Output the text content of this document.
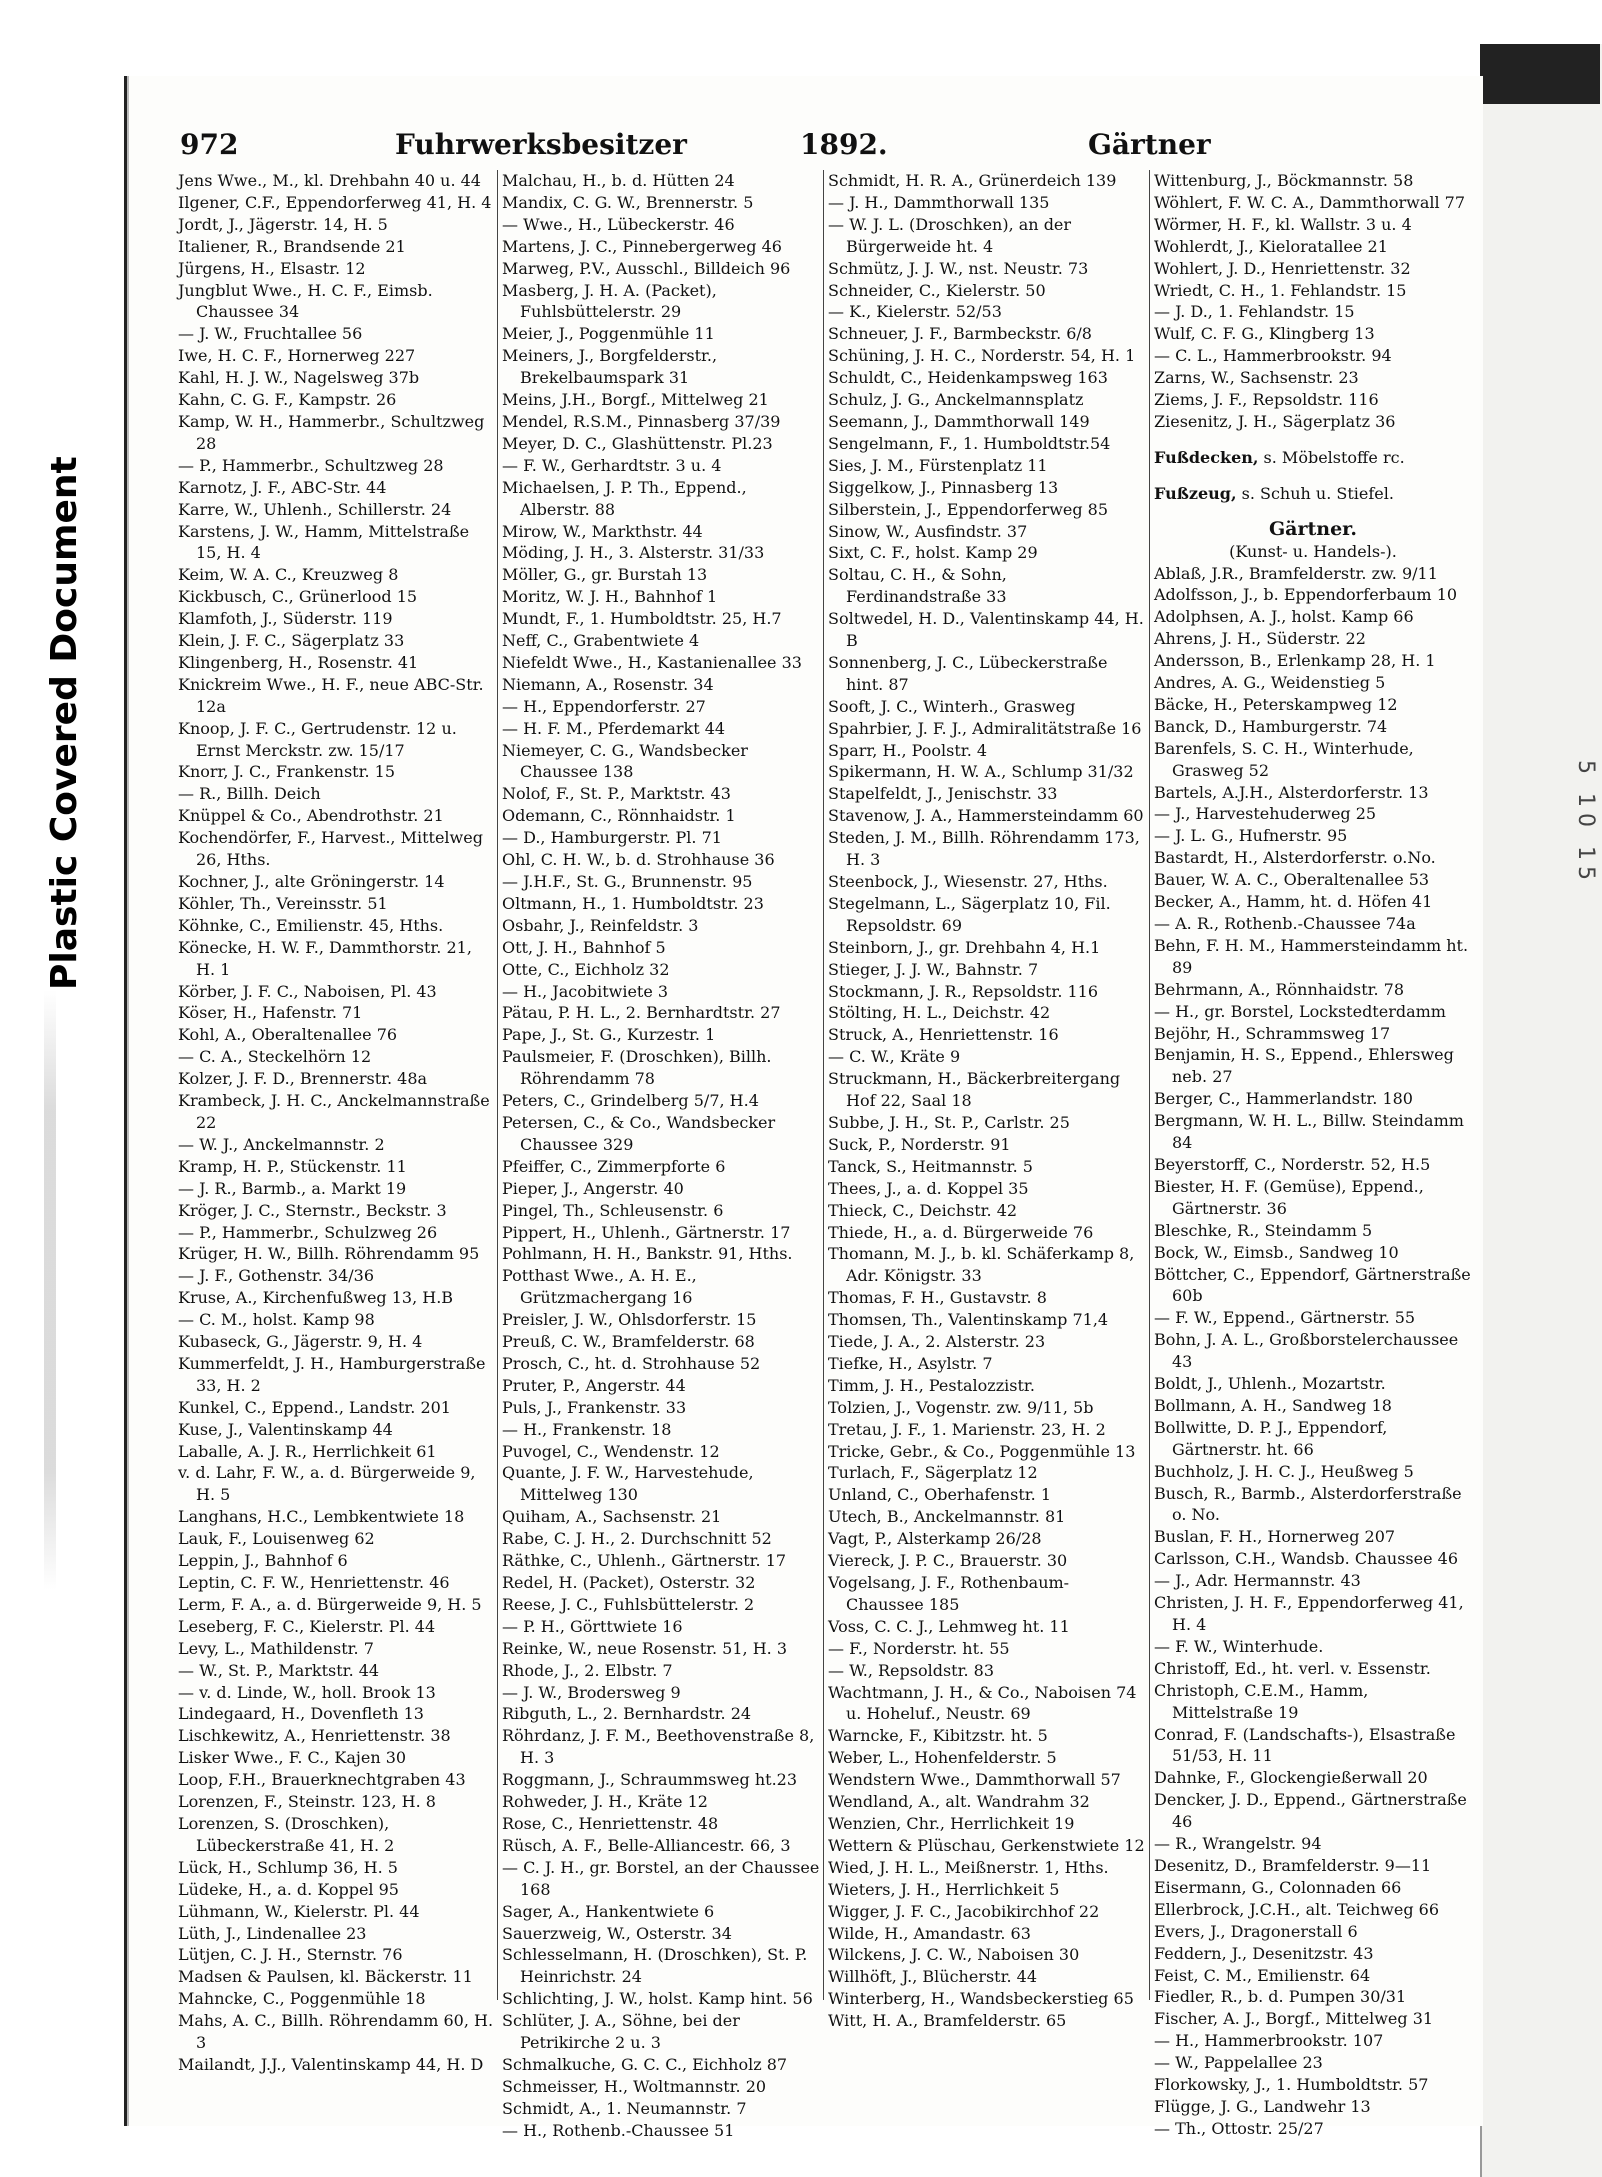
Plastic Covered Document	5 10 15
972	Fuhrwerksbesitzer	1892.	Gärtner
Jens Wwe., M., kl. Drehbahn 40 u. 44
Ilgener, C.F., Eppendorferweg 41, H. 4
Jordt, J., Jägerstr. 14, H. 5
Italiener, R., Brandsende 21
Jürgens, H., Elsastr. 12
Jungblut Wwe., H. C. F., Eimsb. Chaussee 34
— J. W., Fruchtallee 56
Iwe, H. C. F., Hornerweg 227
Kahl, H. J. W., Nagelsweg 37b
Kahn, C. G. F., Kampstr. 26
Kamp, W. H., Hammerbr., Schultzweg 28
— P., Hammerbr., Schultzweg 28
Karnotz, J. F., ABC-Str. 44
Karre, W., Uhlenh., Schillerstr. 24
Karstens, J. W., Hamm, Mittelstraße 15, H. 4
Keim, W. A. C., Kreuzweg 8
Kickbusch, C., Grünerlood 15
Klamfoth, J., Süderstr. 119
Klein, J. F. C., Sägerplatz 33
Klingenberg, H., Rosenstr. 41
Knickreim Wwe., H. F., neue ABC-Str. 12a
Knoop, J. F. C., Gertrudenstr. 12 u. Ernst Merckstr. zw. 15/17
Knorr, J. C., Frankenstr. 15
— R., Billh. Deich
Knüppel & Co., Abendrothstr. 21
Kochendörfer, F., Harvest., Mittelweg 26, Hths.
Kochner, J., alte Gröningerstr. 14
Köhler, Th., Vereinsstr. 51
Köhnke, C., Emilienstr. 45, Hths.
Könecke, H. W. F., Dammthorstr. 21, H. 1
Körber, J. F. C., Naboisen, Pl. 43
Köser, H., Hafenstr. 71
Kohl, A., Oberaltenallee 76
— C. A., Steckelhörn 12
Kolzer, J. F. D., Brennerstr. 48a
Krambeck, J. H. C., Anckelmannstraße 22
— W. J., Anckelmannstr. 2
Kramp, H. P., Stückenstr. 11
— J. R., Barmb., a. Markt 19
Kröger, J. C., Sternstr., Beckstr. 3
— P., Hammerbr., Schulzweg 26
Krüger, H. W., Billh. Röhrendamm 95
— J. F., Gothenstr. 34/36
Kruse, A., Kirchenfußweg 13, H.B
— C. M., holst. Kamp 98
Kubaseck, G., Jägerstr. 9, H. 4
Kummerfeldt, J. H., Hamburgerstraße 33, H. 2
Kunkel, C., Eppend., Landstr. 201
Kuse, J., Valentinskamp 44
Laballe, A. J. R., Herrlichkeit 61
v. d. Lahr, F. W., a. d. Bürgerweide 9, H. 5
Langhans, H.C., Lembkentwiete 18
Lauk, F., Louisenweg 62
Leppin, J., Bahnhof 6
Leptin, C. F. W., Henriettenstr. 46
Lerm, F. A., a. d. Bürgerweide 9, H. 5
Leseberg, F. C., Kielerstr. Pl. 44
Levy, L., Mathildenstr. 7
— W., St. P., Marktstr. 44
— v. d. Linde, W., holl. Brook 13
Lindegaard, H., Dovenfleth 13
Lischkewitz, A., Henriettenstr. 38
Lisker Wwe., F. C., Kajen 30
Loop, F.H., Brauerknechtgraben 43
Lorenzen, F., Steinstr. 123, H. 8
Lorenzen, S. (Droschken), Lübeckerstraße 41, H. 2
Lück, H., Schlump 36, H. 5
Lüdeke, H., a. d. Koppel 95
Lühmann, W., Kielerstr. Pl. 44
Lüth, J., Lindenallee 23
Lütjen, C. J. H., Sternstr. 76
Madsen & Paulsen, kl. Bäckerstr. 11
Mahncke, C., Poggenmühle 18
Mahs, A. C., Billh. Röhrendamm 60, H. 3
Mailandt, J.J., Valentinskamp 44, H. D
Malchau, H., b. d. Hütten 24
Mandix, C. G. W., Brennerstr. 5
— Wwe., H., Lübeckerstr. 46
Martens, J. C., Pinnebergerweg 46
Marweg, P.V., Ausschl., Billdeich 96
Masberg, J. H. A. (Packet), Fuhlsbüttelerstr. 29
Meier, J., Poggenmühle 11
Meiners, J., Borgfelderstr., Brekelbaumspark 31
Meins, J.H., Borgf., Mittelweg 21
Mendel, R.S.M., Pinnasberg 37/39
Meyer, D. C., Glashüttenstr. Pl.23
— F. W., Gerhardtstr. 3 u. 4
Michaelsen, J. P. Th., Eppend., Alberstr. 88
Mirow, W., Markthstr. 44
Möding, J. H., 3. Alsterstr. 31/33
Möller, G., gr. Burstah 13
Moritz, W. J. H., Bahnhof 1
Mundt, F., 1. Humboldtstr. 25, H.7
Neff, C., Grabentwiete 4
Niefeldt Wwe., H., Kastanienallee 33
Niemann, A., Rosenstr. 34
— H., Eppendorferstr. 27
— H. F. M., Pferdemarkt 44
Niemeyer, C. G., Wandsbecker Chaussee 138
Nolof, F., St. P., Marktstr. 43
Odemann, C., Rönnhaidstr. 1
— D., Hamburgerstr. Pl. 71
Ohl, C. H. W., b. d. Strohhause 36
— J.H.F., St. G., Brunnenstr. 95
Oltmann, H., 1. Humboldtstr. 23
Osbahr, J., Reinfeldstr. 3
Ott, J. H., Bahnhof 5
Otte, C., Eichholz 32
— H., Jacobitwiete 3
Pätau, P. H. L., 2. Bernhardtstr. 27
Pape, J., St. G., Kurzestr. 1
Paulsmeier, F. (Droschken), Billh. Röhrendamm 78
Peters, C., Grindelberg 5/7, H.4
Petersen, C., & Co., Wandsbecker Chaussee 329
Pfeiffer, C., Zimmerpforte 6
Pieper, J., Angerstr. 40
Pingel, Th., Schleusenstr. 6
Pippert, H., Uhlenh., Gärtnerstr. 17
Pohlmann, H. H., Bankstr. 91, Hths.
Potthast Wwe., A. H. E., Grützmachergang 16
Preisler, J. W., Ohlsdorferstr. 15
Preuß, C. W., Bramfelderstr. 68
Prosch, C., ht. d. Strohhause 52
Pruter, P., Angerstr. 44
Puls, J., Frankenstr. 33
— H., Frankenstr. 18
Puvogel, C., Wendenstr. 12
Quante, J. F. W., Harvestehude, Mittelweg 130
Quiham, A., Sachsenstr. 21
Rabe, C. J. H., 2. Durchschnitt 52
Räthke, C., Uhlenh., Gärtnerstr. 17
Redel, H. (Packet), Osterstr. 32
Reese, J. C., Fuhlsbüttelerstr. 2
— P. H., Görttwiete 16
Reinke, W., neue Rosenstr. 51, H. 3
Rhode, J., 2. Elbstr. 7
— J. W., Brodersweg 9
Ribguth, L., 2. Bernhardstr. 24
Röhrdanz, J. F. M., Beethovenstraße 8, H. 3
Roggmann, J., Schraummsweg ht.23
Rohweder, J. H., Kräte 12
Rose, C., Henriettenstr. 48
Rüsch, A. F., Belle-Alliancestr. 66, 3
— C. J. H., gr. Borstel, an der Chaussee 168
Sager, A., Hankentwiete 6
Sauerzweig, W., Osterstr. 34
Schlesselmann, H. (Droschken), St. P. Heinrichstr. 24
Schlichting, J. W., holst. Kamp hint. 56
Schlüter, J. A., Söhne, bei der Petrikirche 2 u. 3
Schmalkuche, G. C. C., Eichholz 87
Schmeisser, H., Woltmannstr. 20
Schmidt, A., 1. Neumannstr. 7
— H., Rothenb.-Chaussee 51
Schmidt, H. R. A., Grünerdeich 139
— J. H., Dammthorwall 135
— W. J. L. (Droschken), an der Bürgerweide ht. 4
Schmütz, J. J. W., nst. Neustr. 73
Schneider, C., Kielerstr. 50
— K., Kielerstr. 52/53
Schneuer, J. F., Barmbeckstr. 6/8
Schüning, J. H. C., Norderstr. 54, H. 1
Schuldt, C., Heidenkampsweg 163
Schulz, J. G., Anckelmannsplatz
Seemann, J., Dammthorwall 149
Sengelmann, F., 1. Humboldtstr.54
Sies, J. M., Fürstenplatz 11
Siggelkow, J., Pinnasberg 13
Silberstein, J., Eppendorferweg 85
Sinow, W., Ausfindstr. 37
Sixt, C. F., holst. Kamp 29
Soltau, C. H., & Sohn, Ferdinandstraße 33
Soltwedel, H. D., Valentinskamp 44, H. B
Sonnenberg, J. C., Lübeckerstraße hint. 87
Sooft, J. C., Winterh., Grasweg
Spahrbier, J. F. J., Admiralitätstraße 16
Sparr, H., Poolstr. 4
Spikermann, H. W. A., Schlump 31/32
Stapelfeldt, J., Jenischstr. 33
Stavenow, J. A., Hammersteindamm 60
Steden, J. M., Billh. Röhrendamm 173, H. 3
Steenbock, J., Wiesenstr. 27, Hths.
Stegelmann, L., Sägerplatz 10, Fil. Repsoldstr. 69
Steinborn, J., gr. Drehbahn 4, H.1
Stieger, J. J. W., Bahnstr. 7
Stockmann, J. R., Repsoldstr. 116
Stölting, H. L., Deichstr. 42
Struck, A., Henriettenstr. 16
— C. W., Kräte 9
Struckmann, H., Bäckerbreitergang Hof 22, Saal 18
Subbe, J. H., St. P., Carlstr. 25
Suck, P., Norderstr. 91
Tanck, S., Heitmannstr. 5
Thees, J., a. d. Koppel 35
Thieck, C., Deichstr. 42
Thiede, H., a. d. Bürgerweide 76
Thomann, M. J., b. kl. Schäferkamp 8, Adr. Königstr. 33
Thomas, F. H., Gustavstr. 8
Thomsen, Th., Valentinskamp 71,4
Tiede, J. A., 2. Alsterstr. 23
Tiefke, H., Asylstr. 7
Timm, J. H., Pestalozzistr.
Tolzien, J., Vogenstr. zw. 9/11, 5b
Tretau, J. F., 1. Marienstr. 23, H. 2
Tricke, Gebr., & Co., Poggenmühle 13
Turlach, F., Sägerplatz 12
Unland, C., Oberhafenstr. 1
Utech, B., Anckelmannstr. 81
Vagt, P., Alsterkamp 26/28
Viereck, J. P. C., Brauerstr. 30
Vogelsang, J. F., Rothenbaum-Chaussee 185
Voss, C. C. J., Lehmweg ht. 11
— F., Norderstr. ht. 55
— W., Repsoldstr. 83
Wachtmann, J. H., & Co., Naboisen 74 u. Hoheluf., Neustr. 69
Warncke, F., Kibitzstr. ht. 5
Weber, L., Hohenfelderstr. 5
Wendstern Wwe., Dammthorwall 57
Wendland, A., alt. Wandrahm 32
Wenzien, Chr., Herrlichkeit 19
Wettern & Plüschau, Gerkenstwiete 12
Wied, J. H. L., Meißnerstr. 1, Hths.
Wieters, J. H., Herrlichkeit 5
Wigger, J. F. C., Jacobikirchhof 22
Wilde, H., Amandastr. 63
Wilckens, J. C. W., Naboisen 30
Willhöft, J., Blücherstr. 44
Winterberg, H., Wandsbeckerstieg 65
Witt, H. A., Bramfelderstr. 65
Wittenburg, J., Böckmannstr. 58
Wöhlert, F. W. C. A., Dammthorwall 77
Wörmer, H. F., kl. Wallstr. 3 u. 4
Wohlerdt, J., Kieloratallee 21
Wohlert, J. D., Henriettenstr. 32
Wriedt, C. H., 1. Fehlandstr. 15
— J. D., 1. Fehlandstr. 15
Wulf, C. F. G., Klingberg 13
— C. L., Hammerbrookstr. 94
Zarns, W., Sachsenstr. 23
Ziems, J. F., Repsoldstr. 116
Ziesenitz, J. H., Sägerplatz 36
Fußdecken, s. Möbelstoffe rc.
Fußzeug, s. Schuh u. Stiefel.
Gärtner.
(Kunst- u. Handels-).
Ablaß, J.R., Bramfelderstr. zw. 9/11
Adolfsson, J., b. Eppendorferbaum 10
Adolphsen, A. J., holst. Kamp 66
Ahrens, J. H., Süderstr. 22
Andersson, B., Erlenkamp 28, H. 1
Andres, A. G., Weidenstieg 5
Bäcke, H., Peterskampweg 12
Banck, D., Hamburgerstr. 74
Barenfels, S. C. H., Winterhude, Grasweg 52
Bartels, A.J.H., Alsterdorferstr. 13
— J., Harvestehuderweg 25
— J. L. G., Hufnerstr. 95
Bastardt, H., Alsterdorferstr. o.No.
Bauer, W. A. C., Oberaltenallee 53
Becker, A., Hamm, ht. d. Höfen 41
— A. R., Rothenb.-Chaussee 74a
Behn, F. H. M., Hammersteindamm ht. 89
Behrmann, A., Rönnhaidstr. 78
— H., gr. Borstel, Lockstedterdamm
Bejöhr, H., Schrammsweg 17
Benjamin, H. S., Eppend., Ehlersweg neb. 27
Berger, C., Hammerlandstr. 180
Bergmann, W. H. L., Billw. Steindamm 84
Beyerstorff, C., Norderstr. 52, H.5
Biester, H. F. (Gemüse), Eppend., Gärtnerstr. 36
Bleschke, R., Steindamm 5
Bock, W., Eimsb., Sandweg 10
Böttcher, C., Eppendorf, Gärtnerstraße 60b
— F. W., Eppend., Gärtnerstr. 55
Bohn, J. A. L., Großborstelerchaussee 43
Boldt, J., Uhlenh., Mozartstr.
Bollmann, A. H., Sandweg 18
Bollwitte, D. P. J., Eppendorf, Gärtnerstr. ht. 66
Buchholz, J. H. C. J., Heußweg 5
Busch, R., Barmb., Alsterdorferstraße o. No.
Buslan, F. H., Hornerweg 207
Carlsson, C.H., Wandsb. Chaussee 46
— J., Adr. Hermannstr. 43
Christen, J. H. F., Eppendorferweg 41, H. 4
— F. W., Winterhude.
Christoff, Ed., ht. verl. v. Essenstr.
Christoph, C.E.M., Hamm, Mittelstraße 19
Conrad, F. (Landschafts-), Elsastraße 51/53, H. 11
Dahnke, F., Glockengießerwall 20
Dencker, J. D., Eppend., Gärtnerstraße 46
— R., Wrangelstr. 94
Desenitz, D., Bramfelderstr. 9—11
Eisermann, G., Colonnaden 66
Ellerbrock, J.C.H., alt. Teichweg 66
Evers, J., Dragonerstall 6
Feddern, J., Desenitzstr. 43
Feist, C. M., Emilienstr. 64
Fiedler, R., b. d. Pumpen 30/31
Fischer, A. J., Borgf., Mittelweg 31
— H., Hammerbrookstr. 107
— W., Pappelallee 23
Florkowsky, J., 1. Humboldtstr. 57
Flügge, J. G., Landwehr 13
— Th., Ottostr. 25/27
